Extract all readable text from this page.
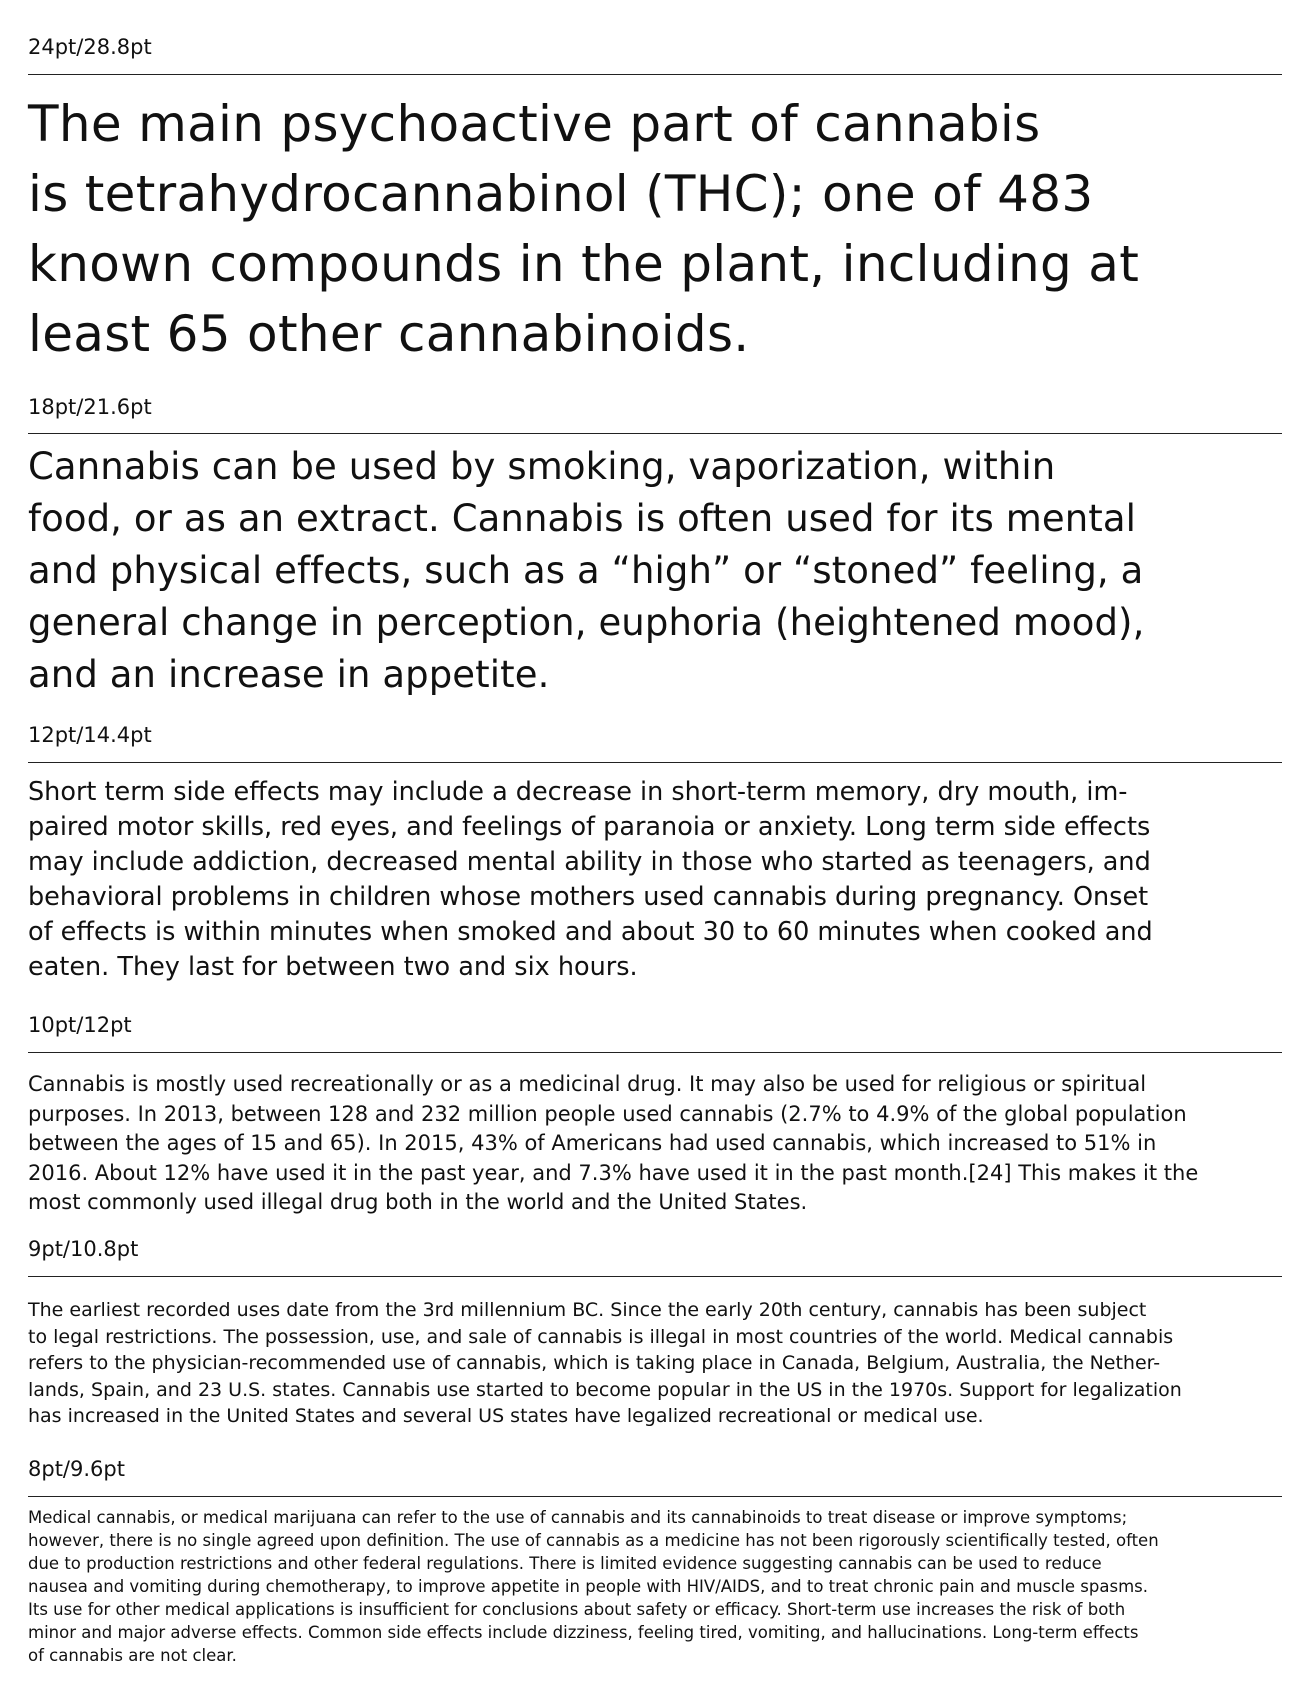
24pt/28.8pt

The main psychoactive part of cannabis
is tetrahydrocannabinol (THC); one of 483
known compounds in the plant, including at
least 65 other cannabinoids.

18pt/21.6pt

Cannabis can be used by smoking, vaporization, within
food, or as an extract. Cannabis is often used for its mental
and physical effects, such as a “high” or “stoned” feeling, a
general change in perception, euphoria (heightened mood),
and an increase in appetite.

12pt/14.4pt

Short term side effects may include a decrease in short-term memory, dry mouth, im-
paired motor skills, red eyes, and feelings of paranoia or anxiety. Long term side effects
may include addiction, decreased mental ability in those who started as teenagers, and
behavioral problems in children whose mothers used cannabis during pregnancy. Onset
of effects is within minutes when smoked and about 30 to 60 minutes when cooked and
eaten. They last for between two and six hours.

10pt/12pt

Cannabis is mostly used recreationally or as a medicinal drug. It may also be used for religious or spiritual
purposes. In 2013, between 128 and 232 million people used cannabis (2.7% to 4.9% of the global population
between the ages of 15 and 65). In 2015, 43% of Americans had used cannabis, which increased to 51% in
2016. About 12% have used it in the past year, and 7.3% have used it in the past month.[24] This makes it the
most commonly used illegal drug both in the world and the United States.

9pt/10.8pt

The earliest recorded uses date from the 3rd millennium BC. Since the early 20th century, cannabis has been subject
to legal restrictions. The possession, use, and sale of cannabis is illegal in most countries of the world. Medical cannabis
refers to the physician-recommended use of cannabis, which is taking place in Canada, Belgium, Australia, the Nether-
lands, Spain, and 23 U.S. states. Cannabis use started to become popular in the US in the 1970s. Support for legalization
has increased in the United States and several US states have legalized recreational or medical use.

8pt/9.6pt

Medical cannabis, or medical marijuana can refer to the use of cannabis and its cannabinoids to treat disease or improve symptoms;
however, there is no single agreed upon definition. The use of cannabis as a medicine has not been rigorously scientifically tested, often
due to production restrictions and other federal regulations. There is limited evidence suggesting cannabis can be used to reduce
nausea and vomiting during chemotherapy, to improve appetite in people with HIV/AIDS, and to treat chronic pain and muscle spasms.
Its use for other medical applications is insufficient for conclusions about safety or efficacy. Short-term use increases the risk of both
minor and major adverse effects. Common side effects include dizziness, feeling tired, vomiting, and hallucinations. Long-term effects
of cannabis are not clear.
